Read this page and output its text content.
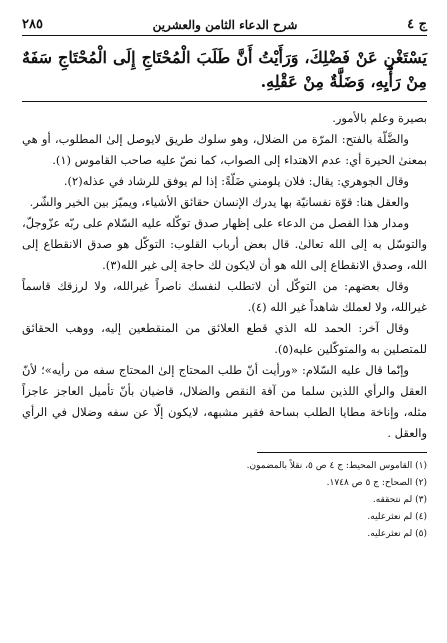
ج ٤
شرح الدعاء الثامن والعشرين
٢٨٥
يَسْتَغْنِ عَنْ فَضْلِكَ، وَرَأَيْتُ أَنَّ طَلَبَ الْمُحْتَاجِ إِلَى الْمُحْتَاجِ سَفَهٌ مِنْ رَأْيِهِ، وَضَلَّةٌ مِنْ عَقْلِهِ.

بصيرة وعلم بالأمور.

والضَّلّة بالفتح: المرّة من الضلال، وهو سلوك طريق لايوصل إلىٰ المطلوب، أو هي بمعنىٰ الحيرة أي: عدم الاهتداء إلى الصواب، كما نصّ عليه صاحب القاموس (١).

وقال الجوهري: يقال: فلان يلومني ضَلّةً: إذا لم يوفق للرشاد في عذله(٢).

والعقل هنا: قوّة نفسانيّة بها يدرك الإنسان حقائق الأشياء، ويميّز بين الخير والشّر.

ومدار هذا الفصل من الدعاء على إظهار صدق توكّله عليه السّلام على ربّه عزّوجلّ، والتوسّل به إلى الله تعالىٰ. قال بعض أرباب القلوب: التوكّل هو صدق الانقطاع إلى الله، وصدق الانقطاع إلى الله هو أن لايكون لك حاجة إلى غير الله(٣).

وقال بعضهم: من التوكّل أن لاتطلب لنفسك ناصراً غيرالله، ولا لرزقك قاسماً غيرالله، ولا لعملك شاهداً غير الله (٤).

وقال آخر: الحمد لله الذي قطع العلائق من المنقطعين إليه، ووهب الحقائق للمتصلين به والمتوكّلين عليه(٥).

وإنّما قال عليه السّلام: «ورأيت أنّ طلب المحتاج إلىٰ المحتاج سفه من رأيه»؛ لأنّ العقل والرأي اللذين سلما من آفة النقص والضلال، قاضيان بأنّ تأميل العاجز عاجزاً مثله، وإناخة مطايا الطلب بساحة فقير مشبهه، لايكون إلّا عن سفه وضلال في الرأي والعقل .

(١) القاموس المحيط: ج ٤ ص ٥، نقلاً بالمضمون.
(٢) الصحاح: ج ٥ ص ١٧٤٨.
(٣) لم نتحققه.
(٤) لم نعثرعليه.
(٥) لم نعثرعليه.
